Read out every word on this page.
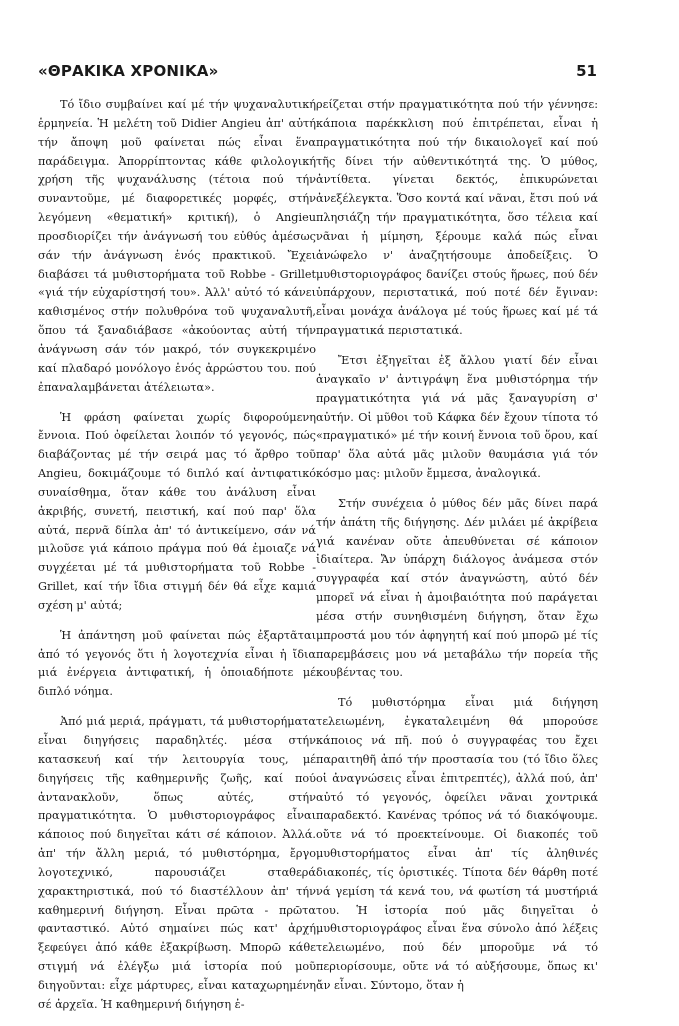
«ΘΡΑΚΙΚΑ ΧΡΟΝΙΚΑ»	51

Τό ἴδιο συμβαίνει καί μέ τήν ψυχαναλυτική ἑρμηνεία. Ἡ μελέτη τοῦ Didier Angieu ἀπ' αὐτή τήν ἄποψη μοῦ φαίνεται πώς εἶναι ἕνα παράδειγμα. Ἀπορρίπτοντας κάθε φιλολογική χρήση τῆς ψυχανάλυσης (τέτοια πού τήν συναντοῦμε, μέ διαφορετικές μορφές, στήν λεγόμενη «θεματική» κριτική), ὁ Angieu προσδιορίζει τήν ἀνάγνωσή του εὐθύς ἀμέσως σάν τήν ἀνάγνωση ἑνός πρακτικοῦ. Ἔχει διαβάσει τά μυθιστορήματα τοῦ Robbe - Grillet «γιά τήν εὐχαρίστησή του». Ἀλλ' αὐτό τό κάνει καθισμένος στήν πολυθρόνα τοῦ ψυχαναλυτῆ, ὅπου τά ξαναδιάβασε «ἀκούοντας αὐτή τήν ἀνάγνωση σάν τόν μακρό, τόν συγκεκριμένο καί πλαδαρό μονόλογο ἑνός ἀρρώστου του. πού ἐπαναλαμβάνεται ἀτέλειωτα».

Ἡ φράση φαίνεται χωρίς διφορούμενη ἔννοια. Πού ὀφείλεται λοιπόν τό γεγονός, πώς διαβάζοντας μέ τήν σειρά μας τό ἄρθρο τοῦ Angieu, δοκιμάζουμε τό διπλό καί ἀντιφατικό συναίσθημα, ὅταν κάθε του ἀνάλυση εἶναι ἀκριβής, συνετή, πειστική, καί πού παρ' ὅλα αὐτά, περνᾶ δίπλα ἀπ' τό ἀντικείμενο, σάν νά μιλοῦσε γιά κάποιο πράγμα πού θά ἐμοιαζε νά συγχέεται μέ τά μυθιστορήματα τοῦ Robbe - Grillet, καί τήν ἴδια στιγμή δέν θά εἶχε καμιά σχέση μ' αὐτά;

Ἡ ἀπάντηση μοῦ φαίνεται πώς ἐξαρτᾶται ἀπό τό γεγονός ὅτι ἡ λογοτεχνία εἶναι ἡ ἴδια μιά ἐνέργεια ἀντιφατική, ἡ ὁποιαδήποτε μέ διπλό νόημα.

Ἀπό μιά μεριά, πράγματι, τά μυθιστορήματα εἶναι διηγήσεις παραδηλτές. μέσα στήν κατασκευή καί τήν λειτουργία τους, μέ διηγήσεις τῆς καθημερινῆς ζωῆς, καί πού ἀντανακλοῦν, ὅπως αὐτές, στήν πραγματικότητα. Ὁ μυθιστοριογράφος εἶναι κάποιος πού διηγεῖται κάτι σέ κάποιον. Ἀλλά. ἀπ' τήν ἄλλη μεριά, τό μυθιστόρημα, ἔργο λογοτεχνικό, παρουσιάζει σταθερά χαρακτηριστικά, πού τό διαστέλλουν ἀπ' τήν καθημερινή διήγηση. Εἶναι πρῶτα - πρῶτα φανταστικό. Αὐτό σημαίνει πώς κατ' ἀρχή ξεφεύγει ἀπό κάθε ἐξακρίβωση. Μπορῶ κάθε στιγμή νά ἐλέγξω μιά ἱστορία πού μοῦ διηγοῦνται: εἶχε μάρτυρες, εἶναι καταχωρημένη σέ ἀρχεῖα. Ἡ καθημερινή διήγηση ἐ-

ρείζεται στήν πραγματικότητα πού τήν γέννησε: κάποια παρέκκλιση πού ἐπιτρέπεται, εἶναι ἡ πραγματικότητα πού τήν δικαιολογεῖ καί πού τῆς δίνει τήν αὐθεντικότητά της. Ὁ μύθος, ἀντίθετα. γίνεται δεκτός, ἐπικυρώνεται ἀνεξέλεγκτα. Ὅσο κοντά καί νᾶναι, ἔτσι πού νά πλησιάζη τήν πραγματικότητα, ὅσο τέλεια καί νᾶναι ἡ μίμηση, ξέρουμε καλά πώς εἶναι ἀνώφελο ν' ἀναζητήσουμε ἀποδείξεις. Ὁ μυθιστοριογράφος δανίζει στούς ἥρωες, πού δέν ὑπάρχουν, περιστατικά, πού ποτέ δέν ἔγιναν: εἶναι μονάχα ἀνάλογα μέ τούς ἥρωες καί μέ τά πραγματικά περιστατικά.

Ἔτσι ἐξηγεῖται ἐξ ἄλλου γιατί δέν εἶναι ἀναγκαῖο ν' ἀντιγράψη ἕνα μυθιστόρημα τήν πραγματικότητα γιά νά μᾶς ξαναγυρίση σ' αὐτήν. Οἱ μῦθοι τοῦ Κάφκα δέν ἔχουν τίποτα τό «πραγματικό» μέ τήν κοινή ἔννοια τοῦ ὅρου, καί παρ' ὅλα αὐτά μᾶς μιλοῦν θαυμάσια γιά τόν κόσμο μας: μιλοῦν ἔμμεσα, ἀναλογικά.

Στήν συνέχεια ὁ μύθος δέν μᾶς δίνει παρά τήν ἀπάτη τῆς διήγησης. Δέν μιλάει μέ ἀκρίβεια γιά κανέναν οὔτε ἀπευθύνεται σέ κάποιον ἰδιαίτερα. Ἄν ὑπάρχη διάλογος ἀνάμεσα στόν συγγραφέα καί στόν ἀναγνώστη, αὐτό δέν μπορεῖ νά εἶναι ἡ ἀμοιβαιότητα πού παράγεται μέσα στήν συνηθισμένη διήγηση, ὅταν ἔχω μπροστά μου τόν ἀφηγητή καί πού μπορῶ μέ τίς παρεμβάσεις μου νά μεταβάλω τήν πορεία τῆς κουβέντας του.

Τό μυθιστόρημα εἶναι μιά διήγηση τελειωμένη, ἐγκαταλειμένη θά μπορούσε κάποιος νά πῆ. πού ὁ συγγραφέας του ἔχει παραιτηθῆ ἀπό τήν προστασία του (τό ἴδιο ὅλες οἱ ἀναγνώσεις εἶναι ἐπιτρεπτές), ἀλλά πού, ἀπ' αὐτό τό γεγονός, ὀφείλει νᾶναι χοντρικά παραδεκτό. Κανένας τρόπος νά τό διακόψουμε. οὔτε νά τό προεκτείνουμε. Οἱ διακοπές τοῦ μυθιστορήματος εἶναι ἀπ' τίς ἀληθινές διακοπές, τίς ὁριστικές. Τίποτα δέν θάρθη ποτέ νά γεμίση τά κενά του, νά φωτίση τά μυστήριά του. Ἡ ἱστορία πού μᾶς διηγεῖται ὁ μυθιστοριογράφος εἶναι ἕνα σύνολο ἀπό λέξεις τελειωμένο, πού δέν μποροῦμε νά τό περιορίσουμε, οὔτε νά τό αὐξήσουμε, ὅπως κι' ἄν εἶναι. Σύντομο, ὅταν ἡ
